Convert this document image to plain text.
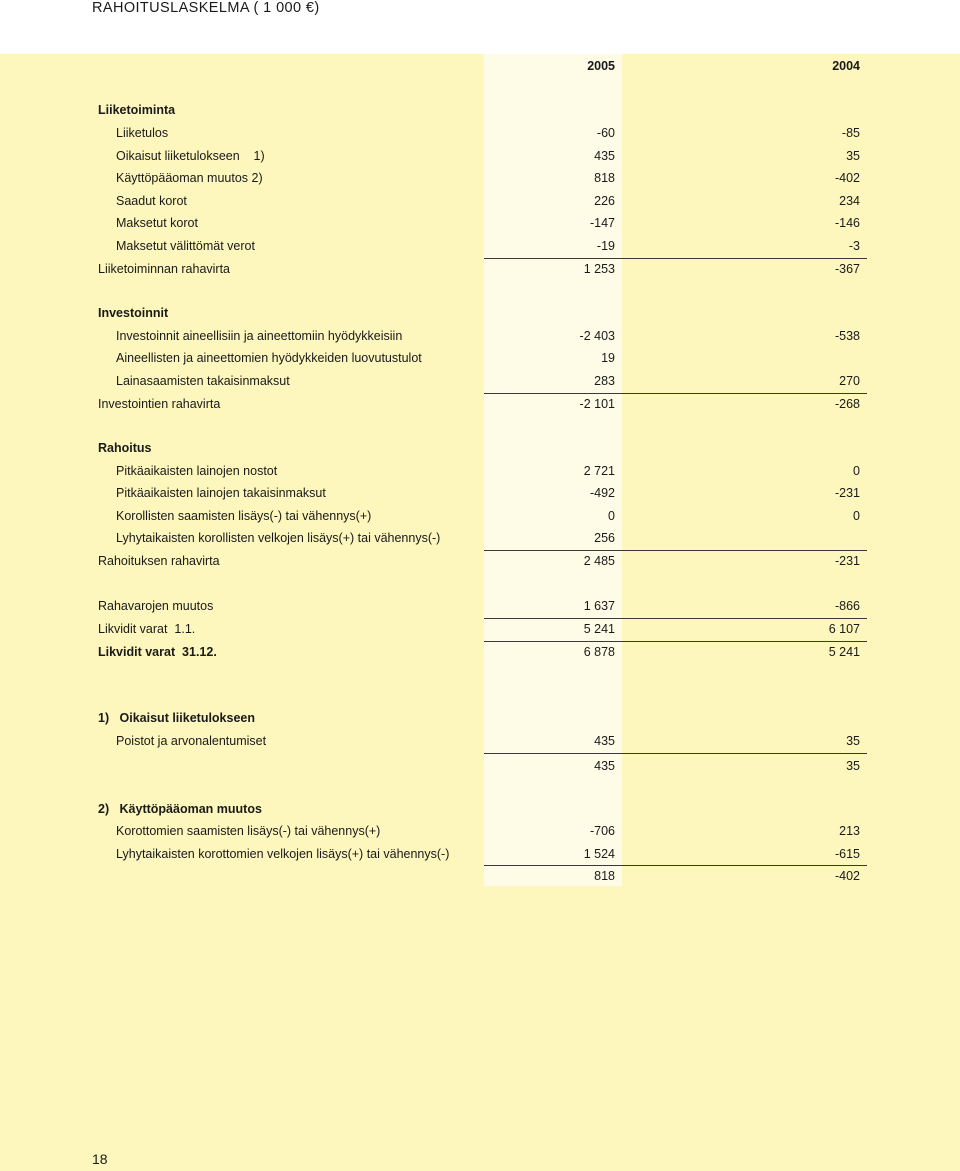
RAHOITUSLASKELMA ( 1 000 €)
2005	2004
Liiketoiminta
Liiketulos	-60	-85
Oikaisut liiketulokseen    1)	435	35
Käyttöpääoman muutos 2)	818	-402
Saadut korot	226	234
Maksetut korot	-147	-146
Maksetut välittömät verot	-19	-3
Liiketoiminnan rahavirta	1 253	-367
Investoinnit
Investoinnit aineellisiin ja aineettomiin hyödykkeisiin	-2 403	-538
Aineellisten ja aineettomien hyödykkeiden luovutustulot	19
Lainasaamisten takaisinmaksut	283	270
Investointien rahavirta	-2 101	-268
Rahoitus
Pitkäaikaisten lainojen nostot	2 721	0
Pitkäaikaisten lainojen takaisinmaksut	-492	-231
Korollisten saamisten lisäys(-) tai vähennys(+)	0	0
Lyhytaikaisten korollisten velkojen lisäys(+) tai vähennys(-)	256
Rahoituksen rahavirta	2 485	-231
Rahavarojen muutos	1 637	-866
Likvidit varat  1.1.	5 241	6 107
Likvidit varat  31.12.	6 878	5 241
1)   Oikaisut liiketulokseen
Poistot ja arvonalentumiset	435	35
435	35
2)   Käyttöpääoman muutos
Korottomien saamisten lisäys(-) tai vähennys(+)	-706	213
Lyhytaikaisten korottomien velkojen lisäys(+) tai vähennys(-)	1 524	-615
818	-402
18
